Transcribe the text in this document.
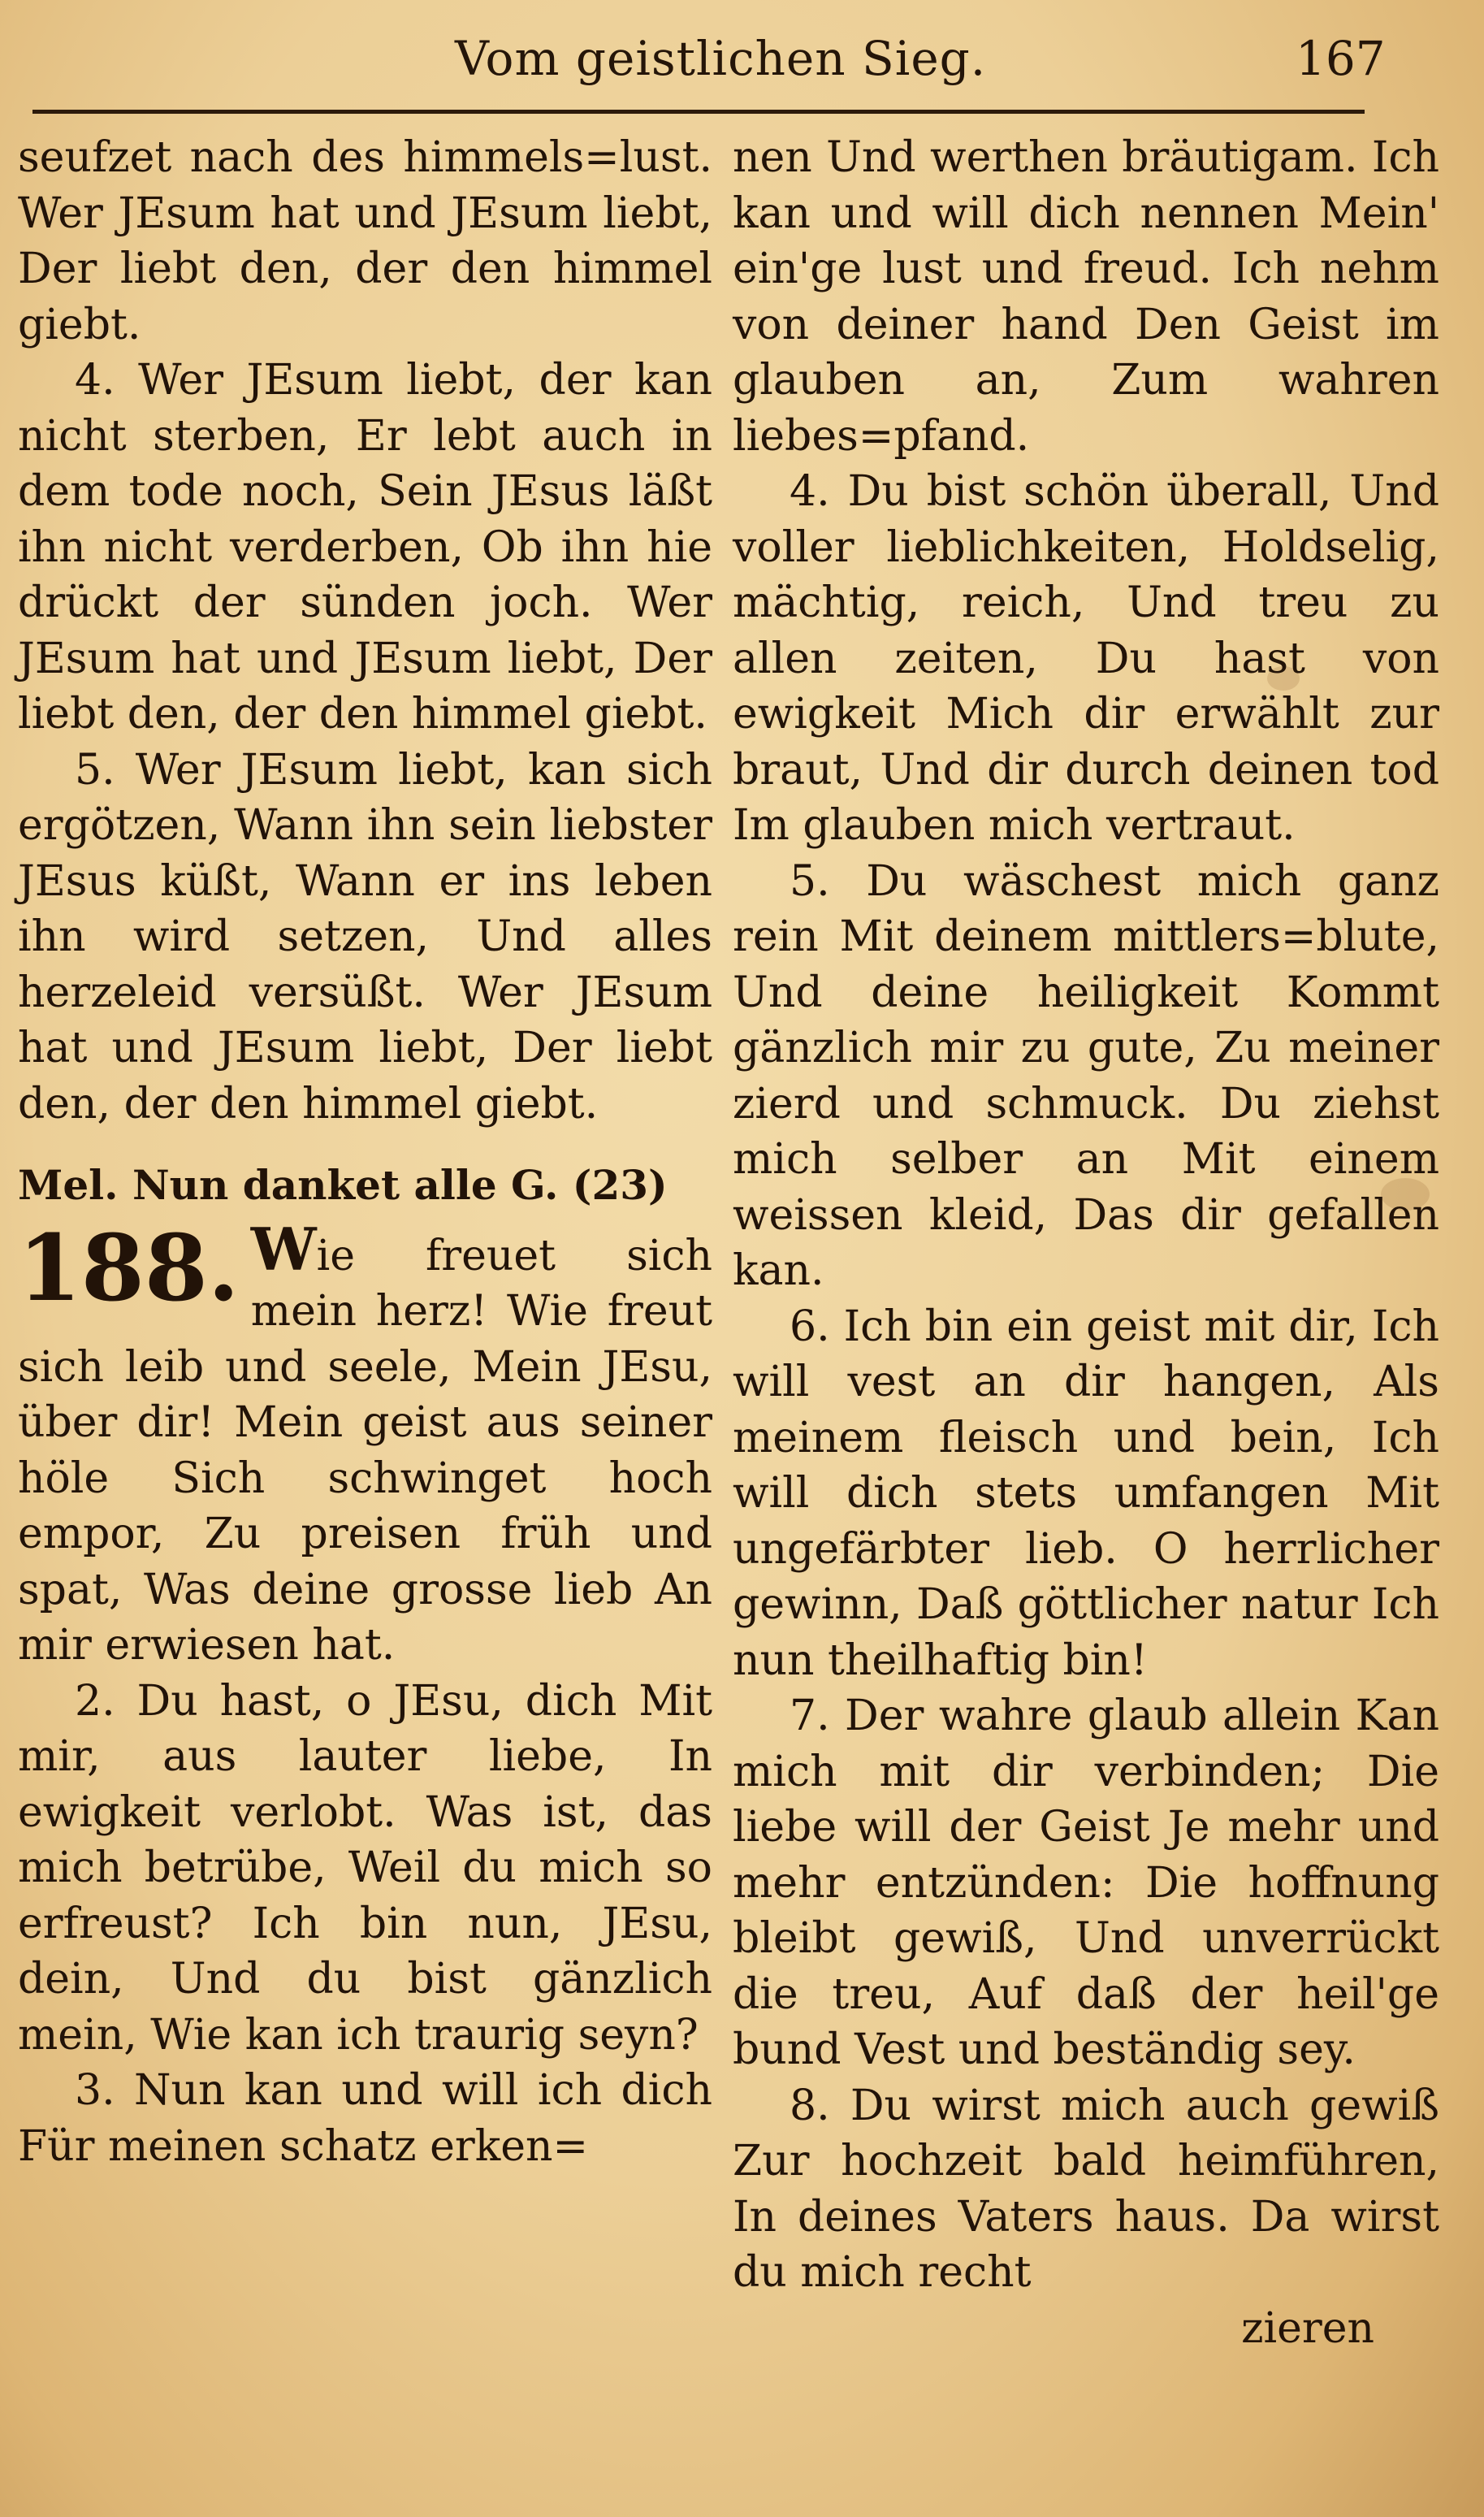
Vom geistlichen Sieg.	167

seufzet nach des himmels=lust. Wer JEsum hat und JEsum liebt, Der liebt den, der den himmel giebt.

4. Wer JEsum liebt, der kan nicht sterben, Er lebt auch in dem tode noch, Sein JEsus läßt ihn nicht verderben, Ob ihn hie drückt der sünden joch. Wer JEsum hat und JEsum liebt, Der liebt den, der den himmel giebt.

5. Wer JEsum liebt, kan sich ergötzen, Wann ihn sein liebster JEsus küßt, Wann er ins leben ihn wird setzen, Und alles herzeleid versüßt. Wer JEsum hat und JEsum liebt, Der liebt den, der den himmel giebt.

Mel. Nun danket alle G. (23)

188. Wie freuet sich mein herz! Wie freut sich leib und seele, Mein JEsu, über dir! Mein geist aus seiner höle Sich schwinget hoch empor, Zu preisen früh und spat, Was deine grosse lieb An mir erwiesen hat.

2. Du hast, o JEsu, dich Mit mir, aus lauter liebe, In ewigkeit verlobt. Was ist, das mich betrübe, Weil du mich so erfreust? Ich bin nun, JEsu, dein, Und du bist gänzlich mein, Wie kan ich traurig seyn?

3. Nun kan und will ich dich Für meinen schatz erken=

nen Und werthen bräutigam. Ich kan und will dich nennen Mein' ein'ge lust und freud. Ich nehm von deiner hand Den Geist im glauben an, Zum wahren liebes=pfand.

4. Du bist schön überall, Und voller lieblichkeiten, Holdselig, mächtig, reich, Und treu zu allen zeiten, Du hast von ewigkeit Mich dir erwählt zur braut, Und dir durch deinen tod Im glauben mich vertraut.

5. Du wäschest mich ganz rein Mit deinem mittlers=blute, Und deine heiligkeit Kommt gänzlich mir zu gute, Zu meiner zierd und schmuck. Du ziehst mich selber an Mit einem weissen kleid, Das dir gefallen kan.

6. Ich bin ein geist mit dir, Ich will vest an dir hangen, Als meinem fleisch und bein, Ich will dich stets umfangen Mit ungefärbter lieb. O herrlicher gewinn, Daß göttlicher natur Ich nun theilhaftig bin!

7. Der wahre glaub allein Kan mich mit dir verbinden; Die liebe will der Geist Je mehr und mehr entzünden: Die hoffnung bleibt gewiß, Und unverrückt die treu, Auf daß der heil'ge bund Vest und beständig sey.

8. Du wirst mich auch gewiß Zur hochzeit bald heimführen, In deines Vaters haus. Da wirst du mich recht

zieren
